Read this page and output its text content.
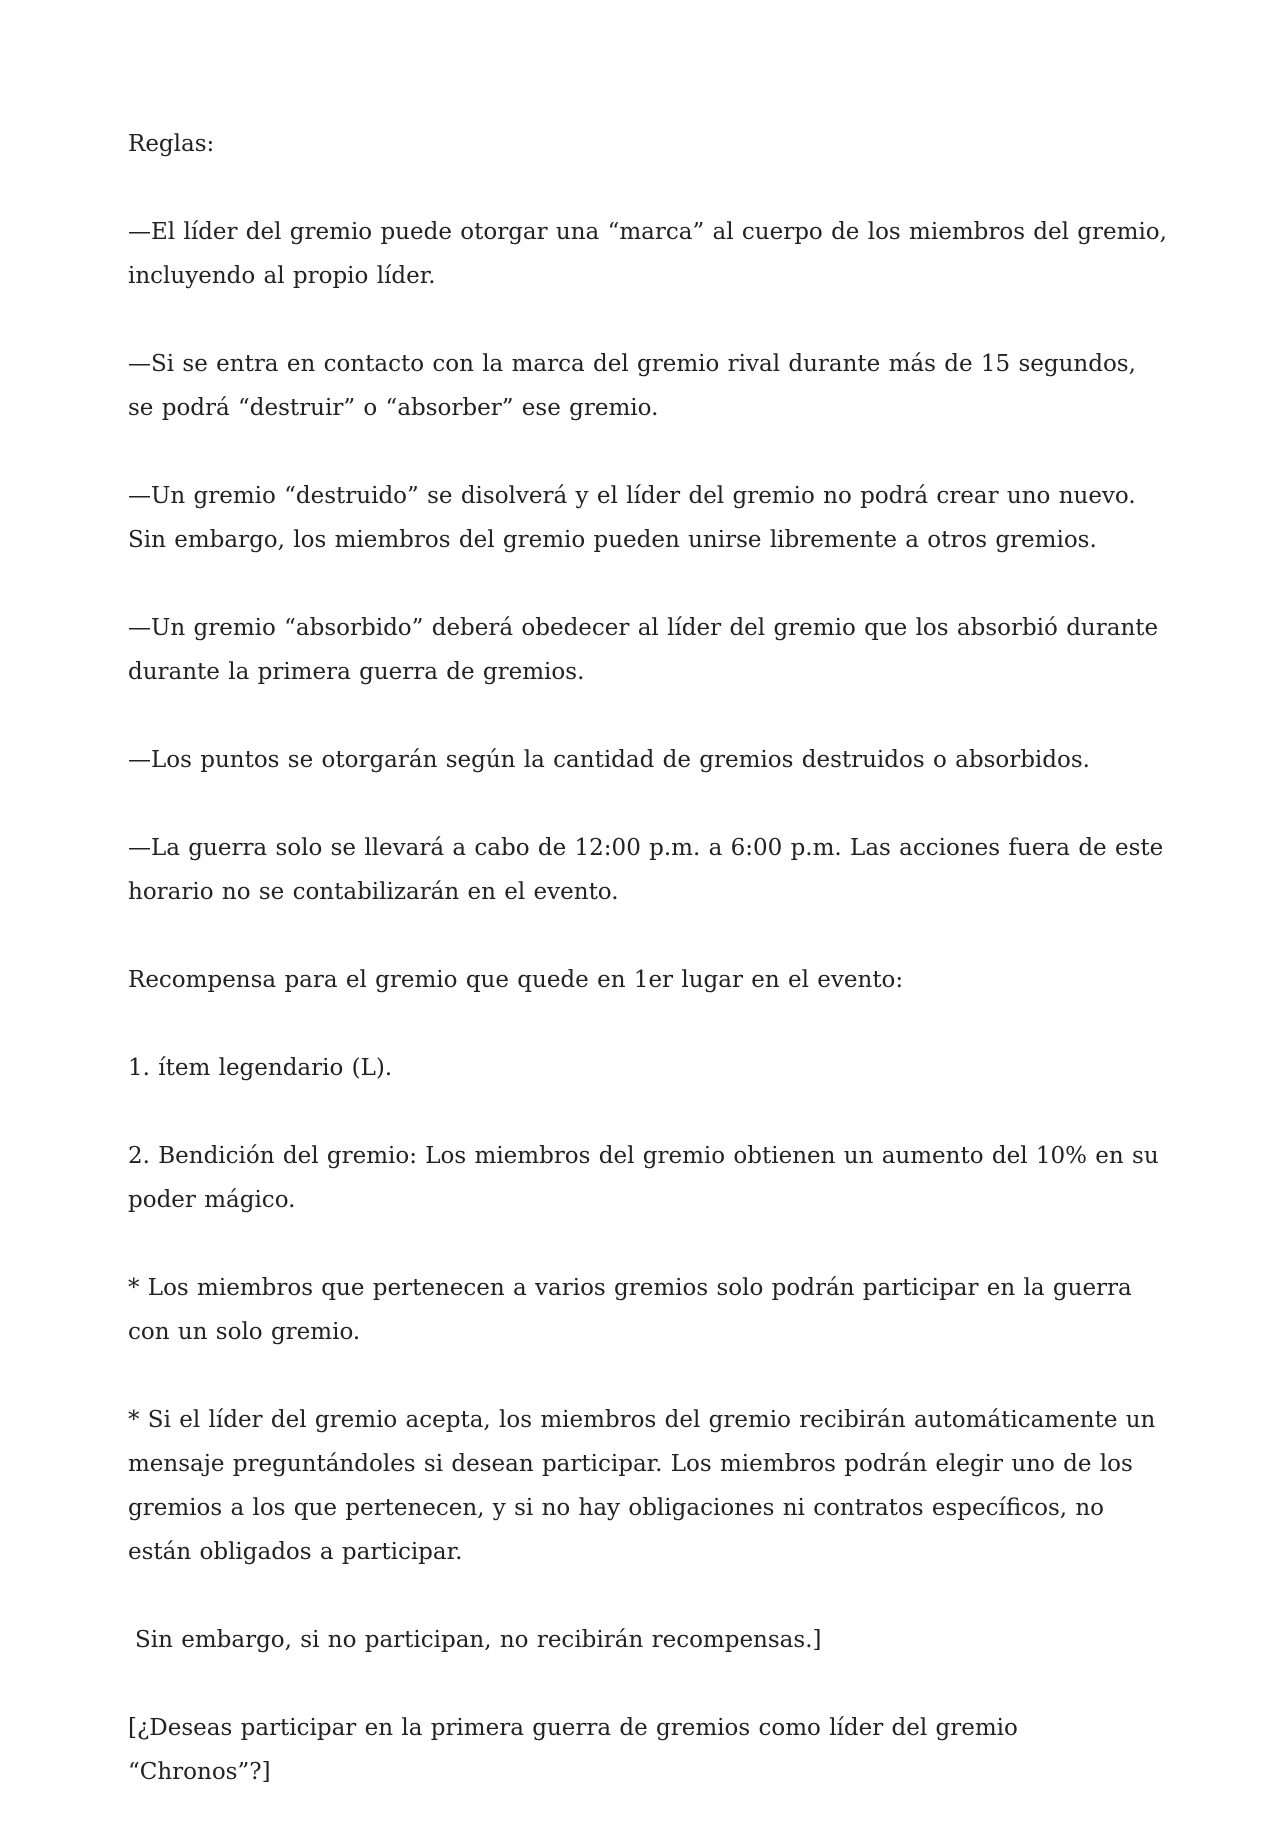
Reglas:

—El líder del gremio puede otorgar una “marca” al cuerpo de los miembros del gremio, incluyendo al propio líder.

—Si se entra en contacto con la marca del gremio rival durante más de 15 segundos, se podrá “destruir” o “absorber” ese gremio.

—Un gremio “destruido” se disolverá y el líder del gremio no podrá crear uno nuevo. Sin embargo, los miembros del gremio pueden unirse libremente a otros gremios.

—Un gremio “absorbido” deberá obedecer al líder del gremio que los absorbió durante durante la primera guerra de gremios.

—Los puntos se otorgarán según la cantidad de gremios destruidos o absorbidos.

—La guerra solo se llevará a cabo de 12:00 p.m. a 6:00 p.m. Las acciones fuera de este horario no se contabilizarán en el evento.

Recompensa para el gremio que quede en 1er lugar en el evento:

1. ítem legendario (L).

2. Bendición del gremio: Los miembros del gremio obtienen un aumento del 10% en su poder mágico.

* Los miembros que pertenecen a varios gremios solo podrán participar en la guerra con un solo gremio.

* Si el líder del gremio acepta, los miembros del gremio recibirán automáticamente un mensaje preguntándoles si desean participar. Los miembros podrán elegir uno de los gremios a los que pertenecen, y si no hay obligaciones ni contratos específicos, no están obligados a participar.

Sin embargo, si no participan, no recibirán recompensas.]

[¿Deseas participar en la primera guerra de gremios como líder del gremio “Chronos”?]
